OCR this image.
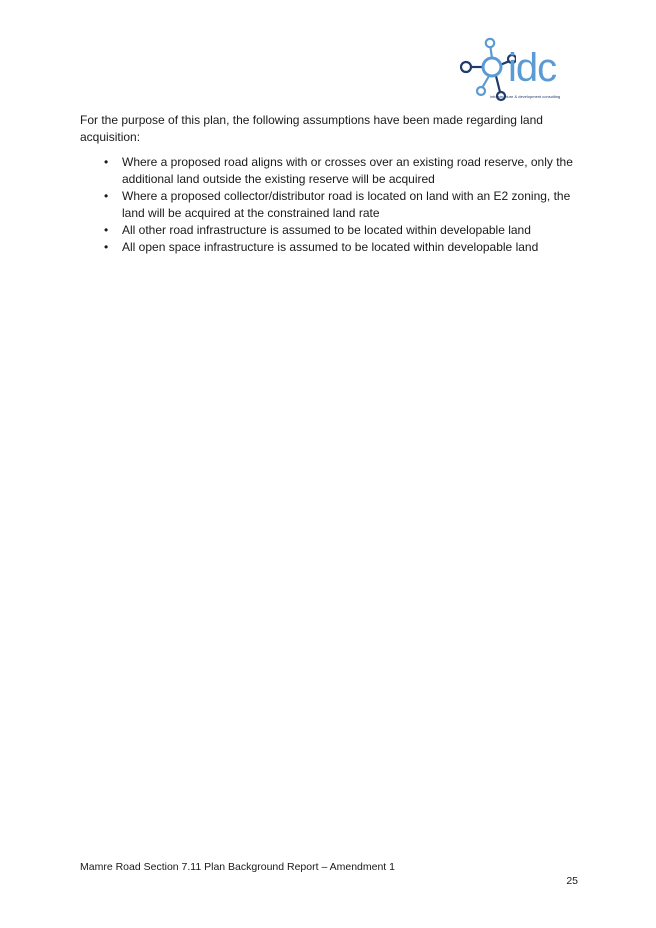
idc
infrastructure & development consulting

For the purpose of this plan, the following assumptions have been made regarding land acquisition:

• Where a proposed road aligns with or crosses over an existing road reserve, only the additional land outside the existing reserve will be acquired
• Where a proposed collector/distributor road is located on land with an E2 zoning, the land will be acquired at the constrained land rate
• All other road infrastructure is assumed to be located within developable land
• All open space infrastructure is assumed to be located within developable land

Mamre Road Section 7.11 Plan Background Report – Amendment 1

25
